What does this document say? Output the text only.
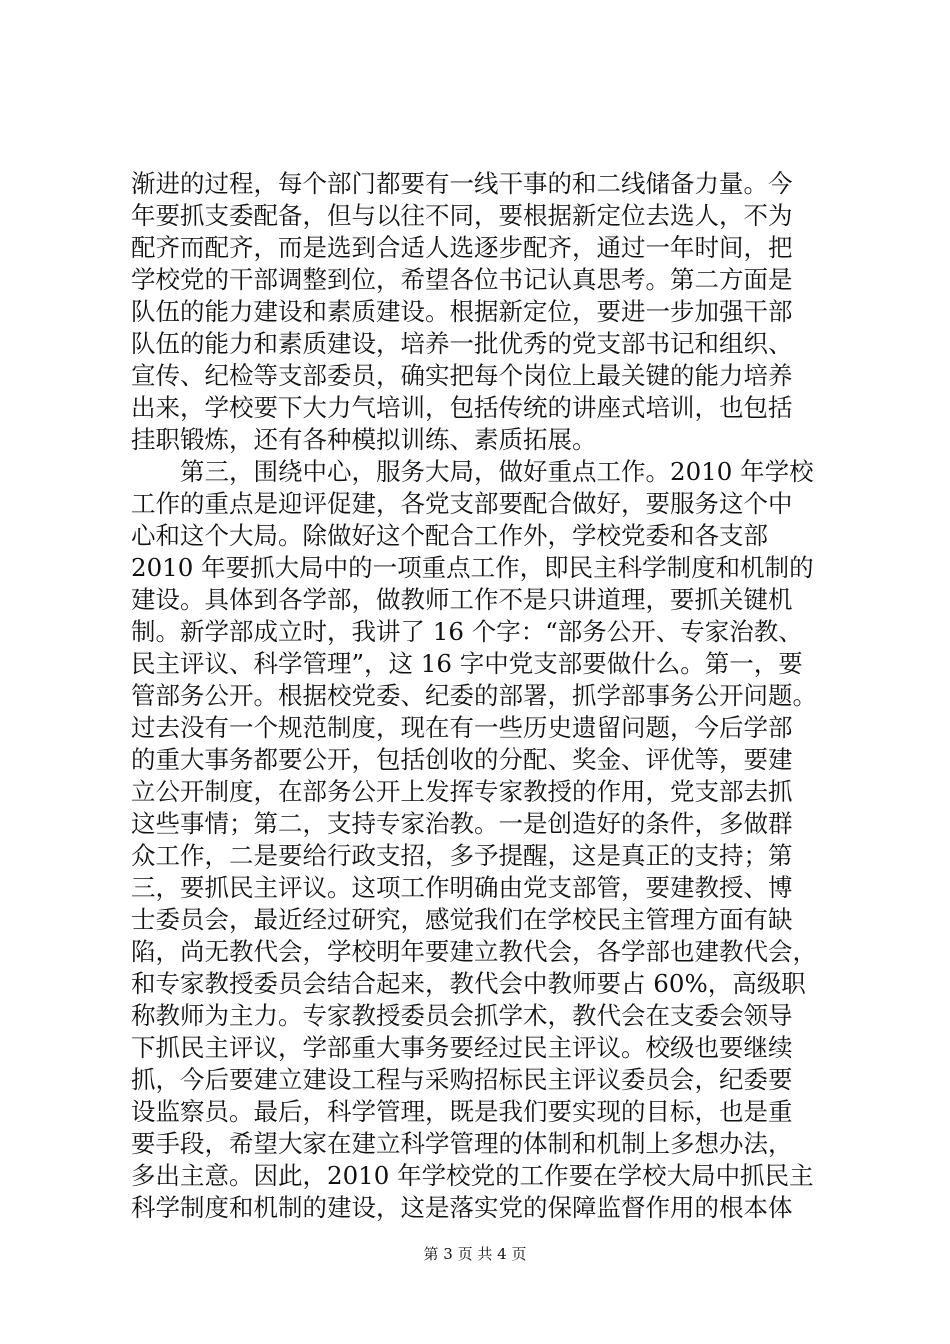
渐进的过程，每个部门都要有一线干事的和二线储备力量。今
年要抓支委配备，但与以往不同，要根据新定位去选人，不为
配齐而配齐，而是选到合适人选逐步配齐，通过一年时间，把
学校党的干部调整到位，希望各位书记认真思考。第二方面是
队伍的能力建设和素质建设。根据新定位，要进一步加强干部
队伍的能力和素质建设，培养一批优秀的党支部书记和组织、
宣传、纪检等支部委员，确实把每个岗位上最关键的能力培养
出来，学校要下大力气培训，包括传统的讲座式培训，也包括
挂职锻炼，还有各种模拟训练、素质拓展。
第三，围绕中心，服务大局，做好重点工作。2010 年学校
工作的重点是迎评促建，各党支部要配合做好，要服务这个中
心和这个大局。除做好这个配合工作外，学校党委和各支部
2010 年要抓大局中的一项重点工作，即民主科学制度和机制的
建设。具体到各学部，做教师工作不是只讲道理，要抓关键机
制。新学部成立时，我讲了 16 个字：“部务公开、专家治教、
民主评议、科学管理”，这 16 字中党支部要做什么。第一，要
管部务公开。根据校党委、纪委的部署，抓学部事务公开问题。
过去没有一个规范制度，现在有一些历史遗留问题，今后学部
的重大事务都要公开，包括创收的分配、奖金、评优等，要建
立公开制度，在部务公开上发挥专家教授的作用，党支部去抓
这些事情；第二，支持专家治教。一是创造好的条件，多做群
众工作，二是要给行政支招，多予提醒，这是真正的支持；第
三，要抓民主评议。这项工作明确由党支部管，要建教授、博
士委员会，最近经过研究，感觉我们在学校民主管理方面有缺
陷，尚无教代会，学校明年要建立教代会，各学部也建教代会，
和专家教授委员会结合起来，教代会中教师要占 60%，高级职
称教师为主力。专家教授委员会抓学术，教代会在支委会领导
下抓民主评议，学部重大事务要经过民主评议。校级也要继续
抓，今后要建立建设工程与采购招标民主评议委员会，纪委要
设监察员。最后，科学管理，既是我们要实现的目标，也是重
要手段，希望大家在建立科学管理的体制和机制上多想办法，
多出主意。因此，2010 年学校党的工作要在学校大局中抓民主
科学制度和机制的建设，这是落实党的保障监督作用的根本体
第 3 页 共 4 页
